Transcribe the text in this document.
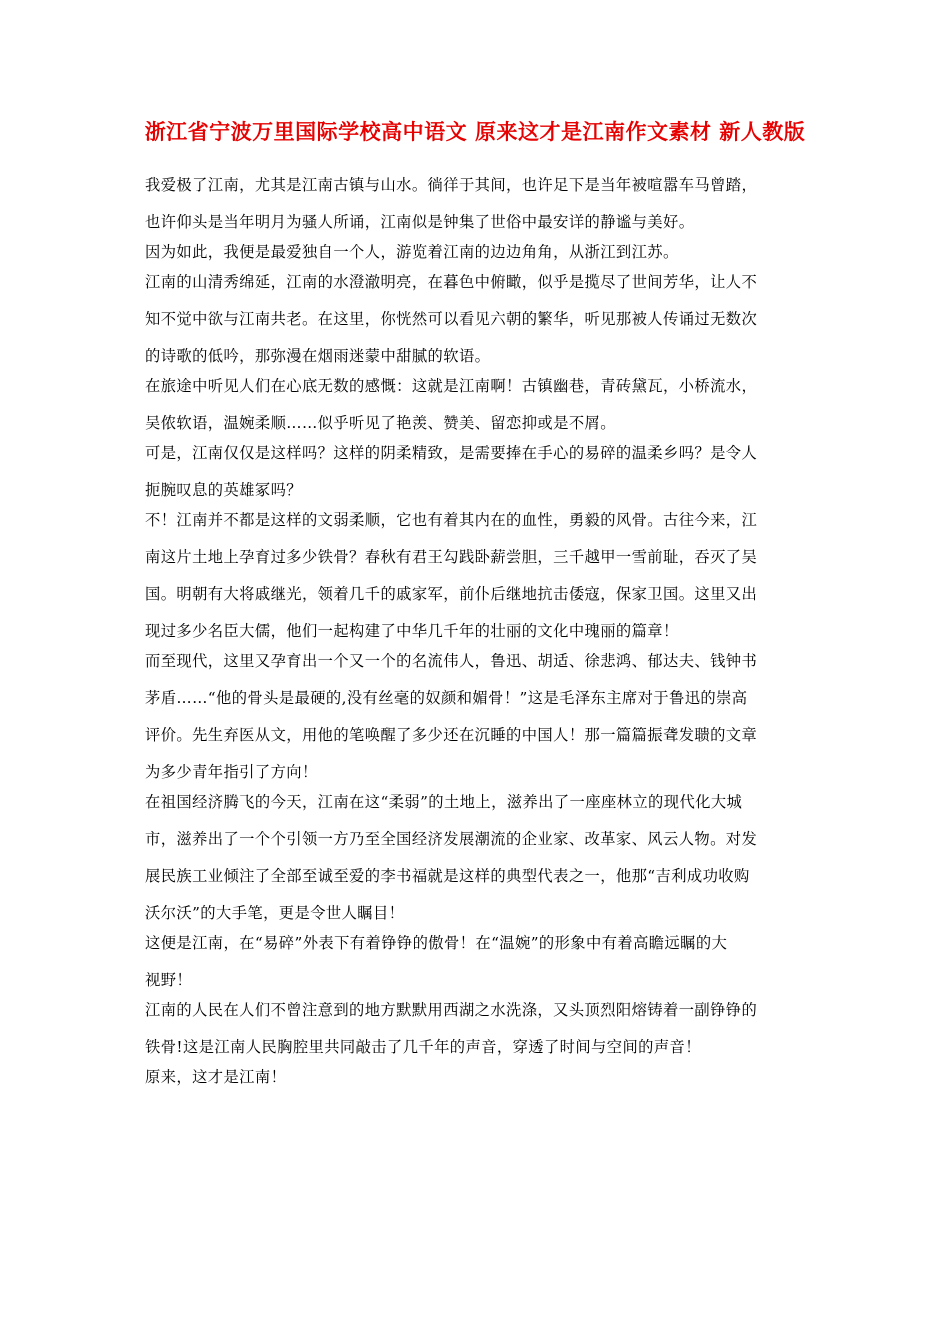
浙江省宁波万里国际学校高中语文 原来这才是江南作文素材 新人教版
我爱极了江南，尤其是江南古镇与山水。徜徉于其间，也许足下是当年被喧嚣车马曾踏，
也许仰头是当年明月为骚人所诵，江南似是钟集了世俗中最安详的静谧与美好。
因为如此，我便是最爱独自一个人，游览着江南的边边角角，从浙江到江苏。
江南的山清秀绵延，江南的水澄澈明亮，在暮色中俯瞰，似乎是揽尽了世间芳华，让人不
知不觉中欲与江南共老。在这里，你恍然可以看见六朝的繁华，听见那被人传诵过无数次
的诗歌的低吟，那弥漫在烟雨迷蒙中甜腻的软语。
在旅途中听见人们在心底无数的感慨：这就是江南啊！古镇幽巷，青砖黛瓦，小桥流水，
吴侬软语，温婉柔顺……似乎听见了艳羡、赞美、留恋抑或是不屑。
可是，江南仅仅是这样吗？这样的阴柔精致，是需要捧在手心的易碎的温柔乡吗？是令人
扼腕叹息的英雄冢吗？
不！江南并不都是这样的文弱柔顺，它也有着其内在的血性，勇毅的风骨。古往今来，江
南这片土地上孕育过多少铁骨？春秋有君王勾践卧薪尝胆，三千越甲一雪前耻，吞灭了吴
国。明朝有大将戚继光，领着几千的戚家军，前仆后继地抗击倭寇，保家卫国。这里又出
现过多少名臣大儒，他们一起构建了中华几千年的壮丽的文化中瑰丽的篇章！
而至现代，这里又孕育出一个又一个的名流伟人，鲁迅、胡适、徐悲鸿、郁达夫、钱钟书
茅盾……“他的骨头是最硬的,没有丝毫的奴颜和媚骨！”这是毛泽东主席对于鲁迅的崇高
评价。先生弃医从文，用他的笔唤醒了多少还在沉睡的中国人！那一篇篇振聋发聩的文章
为多少青年指引了方向！
在祖国经济腾飞的今天，江南在这“柔弱”的土地上，滋养出了一座座林立的现代化大城
市，滋养出了一个个引领一方乃至全国经济发展潮流的企业家、改革家、风云人物。对发
展民族工业倾注了全部至诚至爱的李书福就是这样的典型代表之一，他那“吉利成功收购
沃尔沃”的大手笔，更是令世人瞩目！
这便是江南，在“易碎”外表下有着铮铮的傲骨！在“温婉”的形象中有着高瞻远瞩的大
视野！
江南的人民在人们不曾注意到的地方默默用西湖之水洗涤，又头顶烈阳熔铸着一副铮铮的
铁骨!这是江南人民胸腔里共同敲击了几千年的声音，穿透了时间与空间的声音！
原来，这才是江南！
